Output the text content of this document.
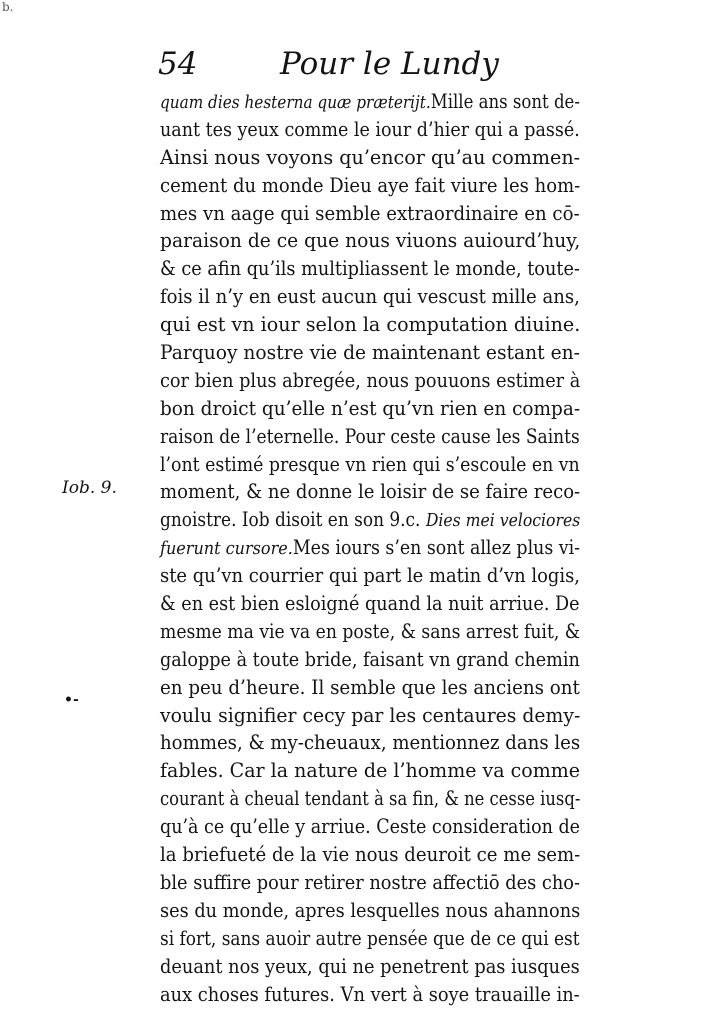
b.
54	Pour le Lundy
Iob. 9.
•‐
quam dies hesterna quæ præterijt.Mille ans sont de-
uant tes yeux comme le iour d’hier qui a passé.
Ainsi nous voyons qu’encor qu’au commen-
cement du monde Dieu aye fait viure les hom-
mes vn aage qui semble extraordinaire en cō-
paraison de ce que nous viuons auiourd’huy,
& ce afin qu’ils multipliassent le monde, toute-
fois il n’y en eust aucun qui vescust mille ans,
qui est vn iour selon la computation diuine.
Parquoy nostre vie de maintenant estant en-
cor bien plus abregée, nous pouuons estimer à
bon droict qu’elle n’est qu’vn rien en compa-
raison de l’eternelle. Pour ceste cause les Saints
l’ont estimé presque vn rien qui s’escoule en vn
moment, & ne donne le loisir de se faire reco-
gnoistre. Iob disoit en son 9.c. Dies mei velociores
fuerunt cursore.Mes iours s’en sont allez plus vi-
ste qu’vn courrier qui part le matin d’vn logis,
& en est bien esloigné quand la nuit arriue. De
mesme ma vie va en poste, & sans arrest fuit, &
galoppe à toute bride, faisant vn grand chemin
en peu d’heure. Il semble que les anciens ont
voulu signifier cecy par les centaures demy-
hommes, & my-cheuaux, mentionnez dans les
fables. Car la nature de l’homme va comme
courant à cheual tendant à sa fin, & ne cesse iusq-
qu’à ce qu’elle y arriue. Ceste consideration de
la briefueté de la vie nous deuroit ce me sem-
ble suffire pour retirer nostre affectiō des cho-
ses du monde, apres lesquelles nous ahannons
si fort, sans auoir autre pensée que de ce qui est
deuant nos yeux, qui ne penetrent pas iusques
aux choses futures. Vn vert à soye trauaille in-
